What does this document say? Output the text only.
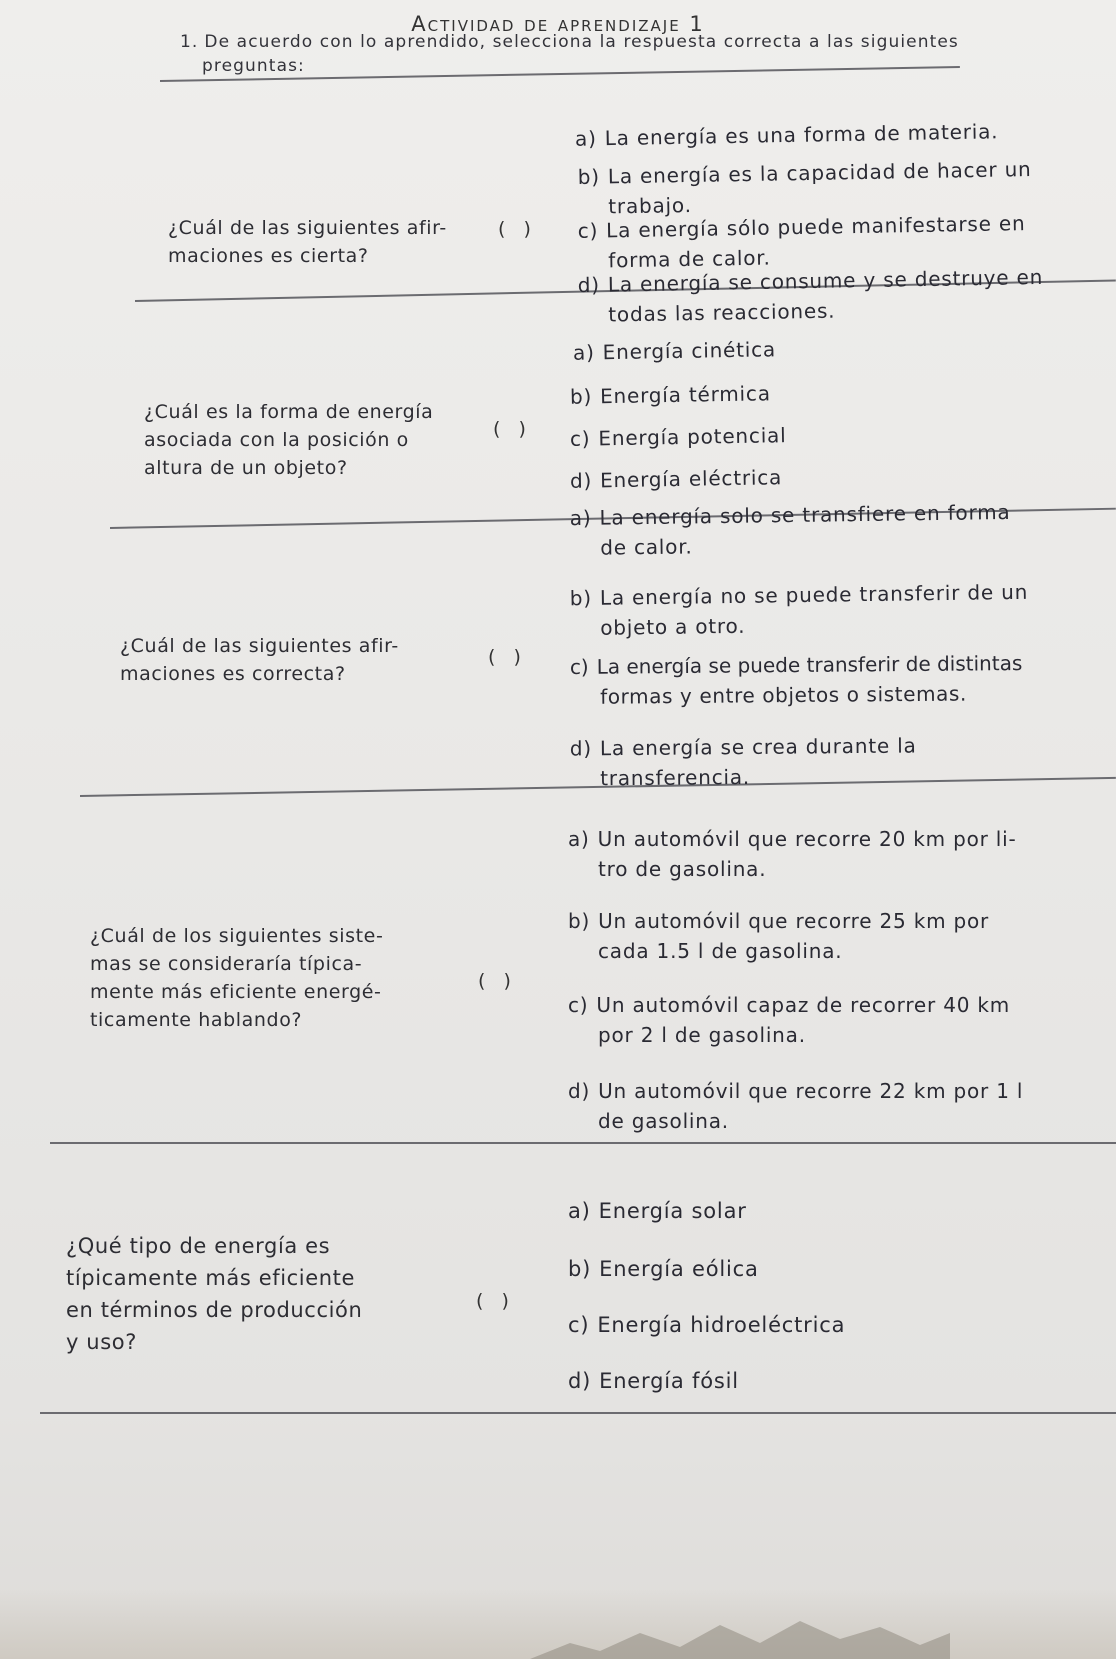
Actividad de aprendizaje 1
1. De acuerdo con lo aprendido, selecciona la respuesta correcta a las siguientes
preguntas:
¿Cuál de las siguientes afir-
maciones es cierta?
( )
a) La energía es una forma de materia.
b) La energía es la capacidad de hacer un
trabajo.
c) La energía sólo puede manifestarse en
forma de calor.
d) La energía se consume y se destruye en
todas las reacciones.
¿Cuál es la forma de energía
asociada con la posición o
altura de un objeto?
( )
a) Energía cinética
b) Energía térmica
c) Energía potencial
d) Energía eléctrica
¿Cuál de las siguientes afir-
maciones es correcta?
( )
a) La energía solo se transfiere en forma
de calor.
b) La energía no se puede transferir de un
objeto a otro.
c) La energía se puede transferir de distintas
formas y entre objetos o sistemas.
d) La energía se crea durante la
transferencia.
¿Cuál de los siguientes siste-
mas se consideraría típica-
mente más eficiente energé-
ticamente hablando?
( )
a) Un automóvil que recorre 20 km por li-
tro de gasolina.
b) Un automóvil que recorre 25 km por
cada 1.5 l de gasolina.
c) Un automóvil capaz de recorrer 40 km
por 2 l de gasolina.
d) Un automóvil que recorre 22 km por 1 l
de gasolina.
¿Qué tipo de energía es
típicamente más eficiente
en términos de producción
y uso?
( )
a) Energía solar
b) Energía eólica
c) Energía hidroeléctrica
d) Energía fósil
